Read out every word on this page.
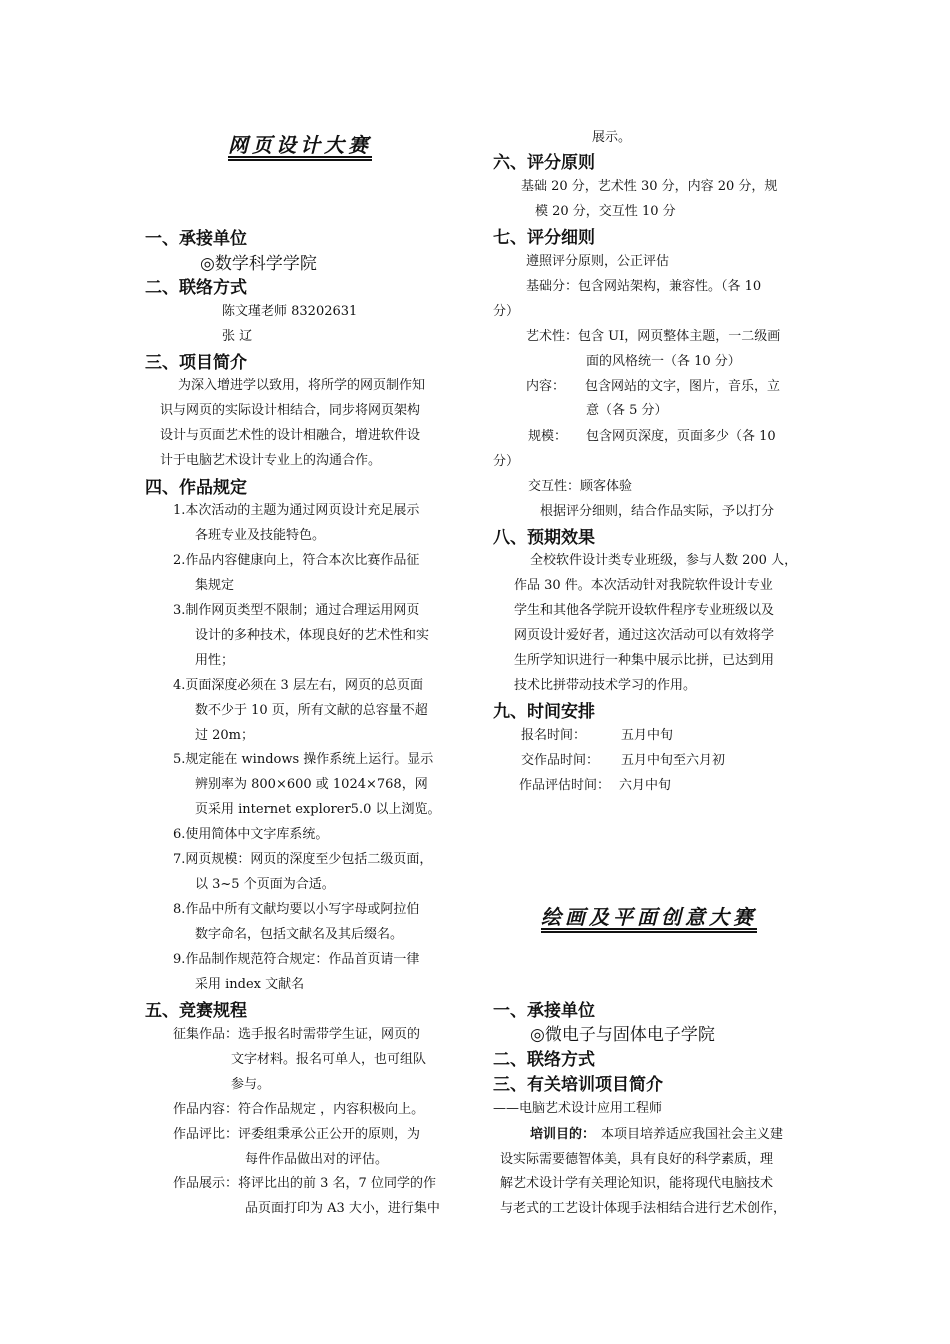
网页设计大赛
一、承接单位
◎数学科学学院
二、联络方式
陈文瑾老师 83202631
张 辽
三、项目简介
为深入增进学以致用，将所学的网页制作知
识与网页的实际设计相结合，同步将网页架构
设计与页面艺术性的设计相融合，增进软件设
计于电脑艺术设计专业上的沟通合作。
四、作品规定
1.本次活动的主题为通过网页设计充足展示
各班专业及技能特色。
2.作品内容健康向上，符合本次比赛作品征
集规定
3.制作网页类型不限制；通过合理运用网页
设计的多种技术，体现良好的艺术性和实
用性；
4.页面深度必须在 3 层左右，网页的总页面
数不少于 10 页，所有文献的总容量不超
过 20m；
5.规定能在 windows 操作系统上运行。显示
辨别率为 800×600 或 1024×768，网
页采用 internet explorer5.0 以上浏览。
6.使用简体中文字库系统。
7.网页规模：网页的深度至少包括二级页面，
以 3~5 个页面为合适。
8.作品中所有文献均要以小写字母或阿拉伯
数字命名，包括文献名及其后缀名。
9.作品制作规范符合规定：作品首页请一律
采用 index 文献名
五、竞赛规程
征集作品：选手报名时需带学生证，网页的
文字材料。报名可单人，也可组队
参与。
作品内容：符合作品规定 ，内容积极向上。
作品评比：评委组秉承公正公开的原则，为
每件作品做出对的评估。
作品展示：将评比出的前 3 名，7 位同学的作
品页面打印为 A3 大小，进行集中
展示。
六、评分原则
基础 20 分，艺术性 30 分，内容 20 分，规
模 20 分，交互性 10 分
七、评分细则
遵照评分原则，公正评估
基础分：包含网站架构，兼容性。（各 10
分）
艺术性：包含 UI，网页整体主题，一二级画
面的风格统一（各 10 分）
内容： 包含网站的文字，图片，音乐，立
意（各 5 分）
规模： 包含网页深度，页面多少（各 10
分）
交互性：顾客体验
根据评分细则，结合作品实际，予以打分
八、预期效果
全校软件设计类专业班级，参与人数 200 人，
作品 30 件。本次活动针对我院软件设计专业
学生和其他各学院开设软件程序专业班级以及
网页设计爱好者，通过这次活动可以有效将学
生所学知识进行一种集中展示比拼，已达到用
技术比拼带动技术学习的作用。
九、时间安排
报名时间：	五月中旬
交作品时间： 五月中旬至六月初
作品评估时间： 六月中旬
绘画及平面创意大赛
一、承接单位
◎微电子与固体电子学院
二、联络方式
三、有关培训项目简介
——电脑艺术设计应用工程师
培训目的： 本项目培养适应我国社会主义建
设实际需要德智体美，具有良好的科学素质，理
解艺术设计学有关理论知识，能将现代电脑技术
与老式的工艺设计体现手法相结合进行艺术创作，
